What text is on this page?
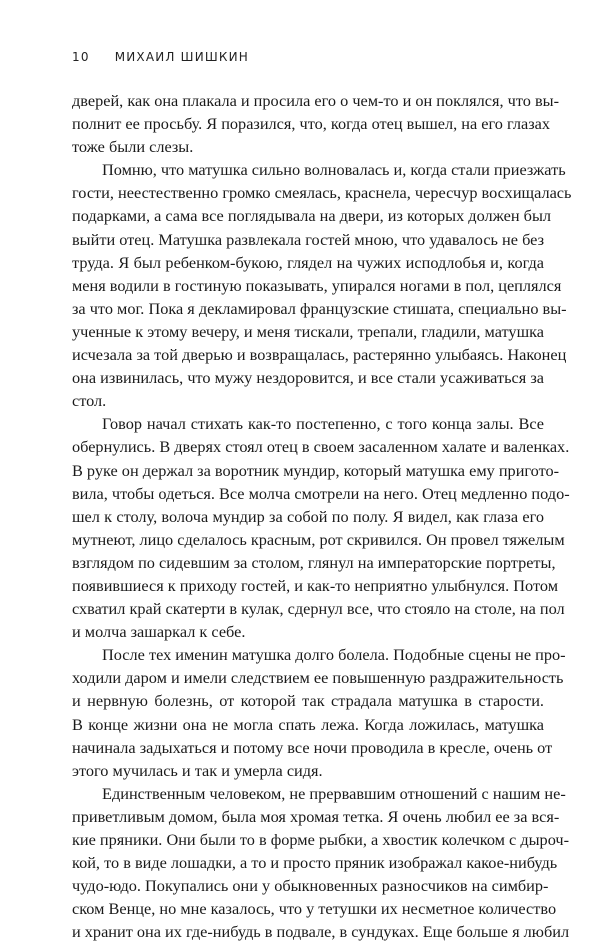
10 МИХАИЛ ШИШКИН
дверей, как она плакала и просила его о чем-то и он поклялся, что вы-
полнит ее просьбу. Я поразился, что, когда отец вышел, на его глазах
тоже были слезы.
Помню, что матушка сильно волновалась и, когда стали приезжать
гости, неестественно громко смеялась, краснела, чересчур восхищалась
подарками, а сама все поглядывала на двери, из которых должен был
выйти отец. Матушка развлекала гостей мною, что удавалось не без
труда. Я был ребенком-букою, глядел на чужих исподлобья и, когда
меня водили в гостиную показывать, упирался ногами в пол, цеплялся
за что мог. Пока я декламировал французские стишата, специально вы-
ученные к этому вечеру, и меня тискали, трепали, гладили, матушка
исчезала за той дверью и возвращалась, растерянно улыбаясь. Наконец
она извинилась, что мужу нездоровится, и все стали усаживаться за
стол.
Говор начал стихать как-то постепенно, с того конца залы. Все
обернулись. В дверях стоял отец в своем засаленном халате и валенках.
В руке он держал за воротник мундир, который матушка ему пригото-
вила, чтобы одеться. Все молча смотрели на него. Отец медленно подо-
шел к столу, волоча мундир за собой по полу. Я видел, как глаза его
мутнеют, лицо сделалось красным, рот скривился. Он провел тяжелым
взглядом по сидевшим за столом, глянул на императорские портреты,
появившиеся к приходу гостей, и как-то неприятно улыбнулся. Потом
схватил край скатерти в кулак, сдернул все, что стояло на столе, на пол
и молча зашаркал к себе.
После тех именин матушка долго болела. Подобные сцены не про-
ходили даром и имели следствием ее повышенную раздражительность
и нервную болезнь, от которой так страдала матушка в старости.
В конце жизни она не могла спать лежа. Когда ложилась, матушка
начинала задыхаться и потому все ночи проводила в кресле, очень от
этого мучилась и так и умерла сидя.
Единственным человеком, не прервавшим отношений с нашим не-
приветливым домом, была моя хромая тетка. Я очень любил ее за вся-
кие пряники. Они были то в форме рыбки, а хвостик колечком с дыроч-
кой, то в виде лошадки, а то и просто пряник изображал какое-нибудь
чудо-юдо. Покупались они у обыкновенных разносчиков на симбир-
ском Венце, но мне казалось, что у тетушки их несметное количество
и хранит она их где-нибудь в подвале, в сундуках. Еще больше я любил
